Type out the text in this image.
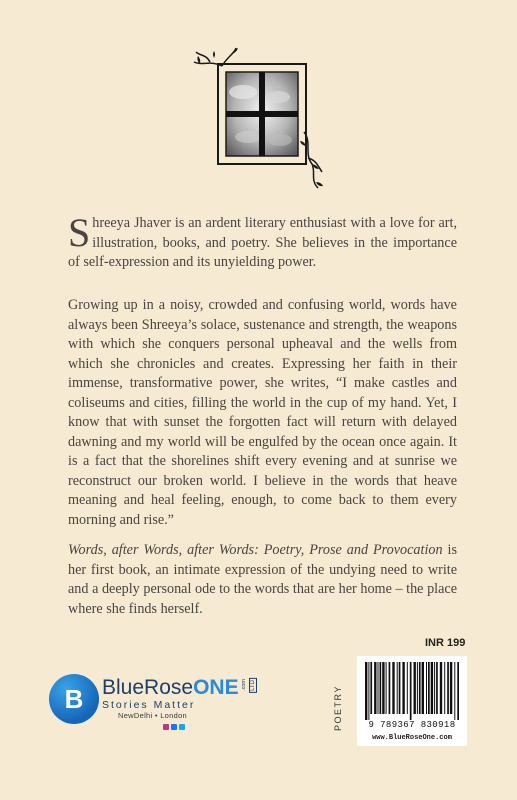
Shreeya Jhaver is an ardent literary enthusiast with a love for art, illustration, books, and poetry. She believes in the importance of self-expression and its unyielding power.
Growing up in a noisy, crowded and confusing world, words have always been Shreeya’s solace, sustenance and strength, the weapons with which she conquers personal upheaval and the wells from which she chronicles and creates. Expressing her faith in their immense, transformative power, she writes, “I make castles and coliseums and cities, filling the world in the cup of my hand. Yet, I know that with sunset the forgotten fact will return with delayed dawning and my world will be engulfed by the ocean once again. It is a fact that the shorelines shift every evening and at sunrise we reconstruct our broken world. I believe in the words that heave meaning and heal feeling, enough, to come back to them every morning and rise.”
Words, after Words, after Words: Poetry, Prose and Provocation is her first book, an intimate expression of the undying need to write and a deeply personal ode to the words that are her home – the place where she finds herself.
B BlueRoseONE .com LTD
Stories Matter
NewDelhi • London
INR 199
POETRY	9 789367 830918
www.BlueRoseOne.com
